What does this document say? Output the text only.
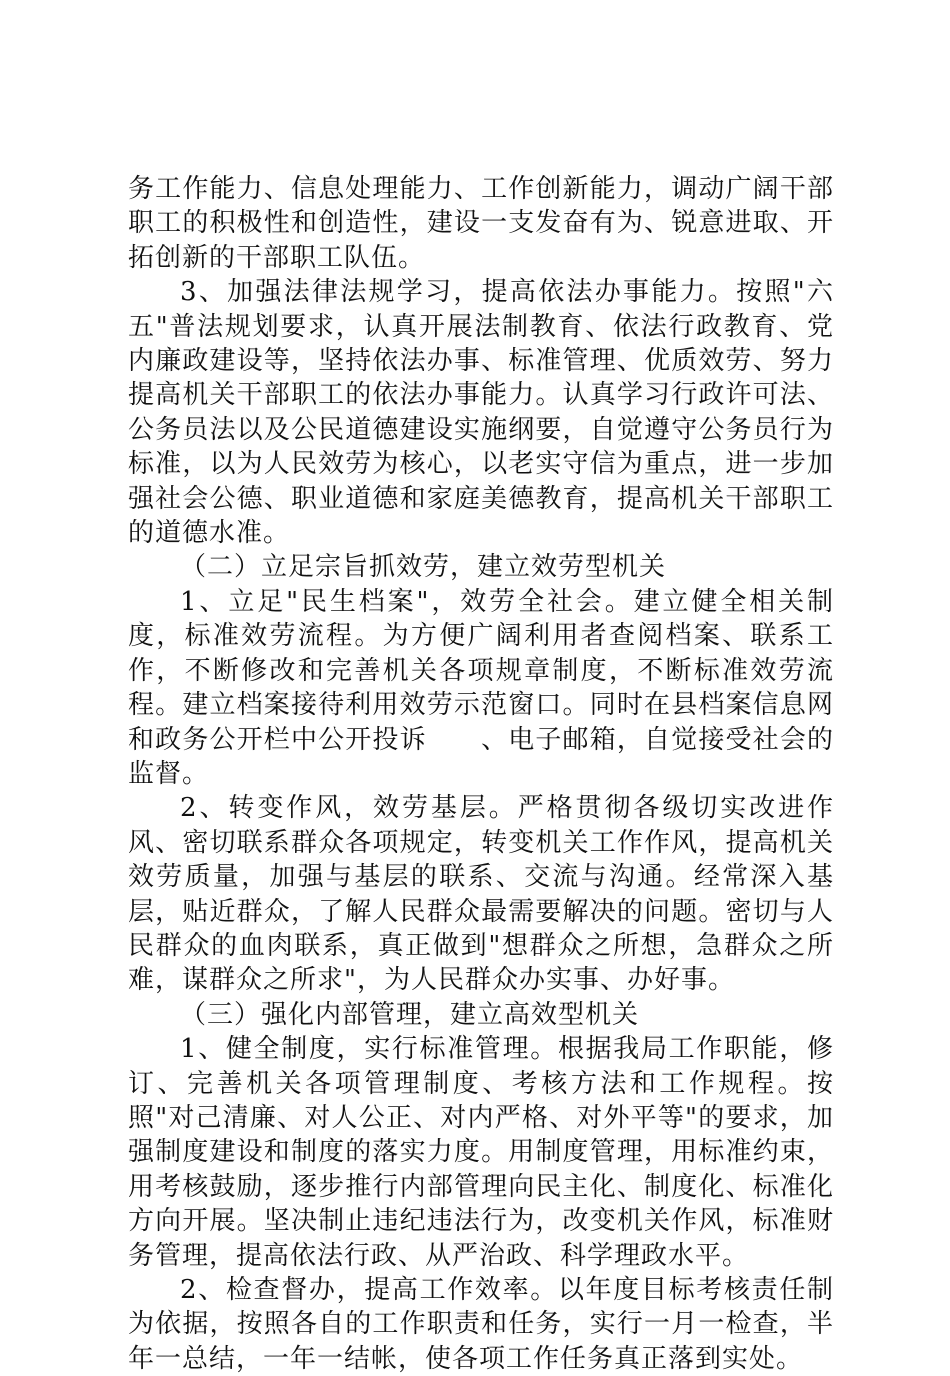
务工作能力、信息处理能力、工作创新能力，调动广阔干部职工的积极性和创造性，建设一支发奋有为、锐意进取、开拓创新的干部职工队伍。

3、加强法律法规学习，提高依法办事能力。按照"六五"普法规划要求，认真开展法制教育、依法行政教育、党内廉政建设等，坚持依法办事、标准管理、优质效劳、努力提高机关干部职工的依法办事能力。认真学习行政许可法、公务员法以及公民道德建设实施纲要，自觉遵守公务员行为标准，以为人民效劳为核心，以老实守信为重点，进一步加强社会公德、职业道德和家庭美德教育，提高机关干部职工的道德水准。

（二）立足宗旨抓效劳，建立效劳型机关

1、立足"民生档案"，效劳全社会。建立健全相关制度，标准效劳流程。为方便广阔利用者查阅档案、联系工作，不断修改和完善机关各项规章制度，不断标准效劳流程。建立档案接待利用效劳示范窗口。同时在县档案信息网和政务公开栏中公开投诉　　、电子邮箱，自觉接受社会的监督。

2、转变作风，效劳基层。严格贯彻各级切实改进作风、密切联系群众各项规定，转变机关工作作风，提高机关效劳质量，加强与基层的联系、交流与沟通。经常深入基层，贴近群众，了解人民群众最需要解决的问题。密切与人民群众的血肉联系，真正做到"想群众之所想，急群众之所难，谋群众之所求"，为人民群众办实事、办好事。

（三）强化内部管理，建立高效型机关

1、健全制度，实行标准管理。根据我局工作职能，修订、完善机关各项管理制度、考核方法和工作规程。按照"对己清廉、对人公正、对内严格、对外平等"的要求，加强制度建设和制度的落实力度。用制度管理，用标准约束，用考核鼓励，逐步推行内部管理向民主化、制度化、标准化方向开展。坚决制止违纪违法行为，改变机关作风，标准财务管理，提高依法行政、从严治政、科学理政水平。

2、检查督办，提高工作效率。以年度目标考核责任制为依据，按照各自的工作职责和任务，实行一月一检查，半年一总结，一年一结帐，使各项工作任务真正落到实处。
